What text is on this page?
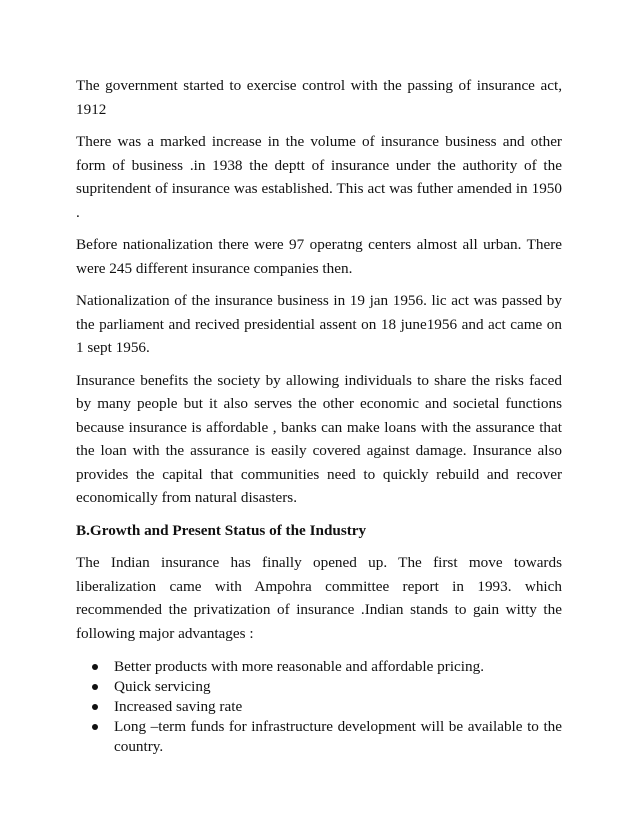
The government started to exercise control with the passing of insurance act, 1912

There was a marked increase in the volume of insurance business and other form of business .in 1938 the deptt of insurance under the authority of the supritendent of insurance was established. This act was futher amended in 1950 .

Before nationalization there were 97 operatng centers almost all urban. There were 245 different insurance companies then.

Nationalization of the insurance business in 19 jan 1956. lic act was passed by the parliament and recived presidential assent on 18 june1956 and act came on 1 sept 1956.

Insurance benefits the society by allowing individuals to share the risks faced by many people but it also serves the other economic and societal functions because insurance is affordable , banks can make loans with the assurance that the loan with the assurance is easily covered against damage. Insurance also provides the capital that communities need to quickly rebuild and recover economically from natural disasters.

B.Growth and Present Status of the Industry

The Indian insurance has finally opened up. The first move towards liberalization came with Ampohra committee report in 1993. which recommended the privatization of insurance .Indian stands to gain witty the following major advantages :

Better products with more reasonable and affordable pricing.
Quick servicing
Increased saving rate
Long –term funds for infrastructure development will be available to the country.
